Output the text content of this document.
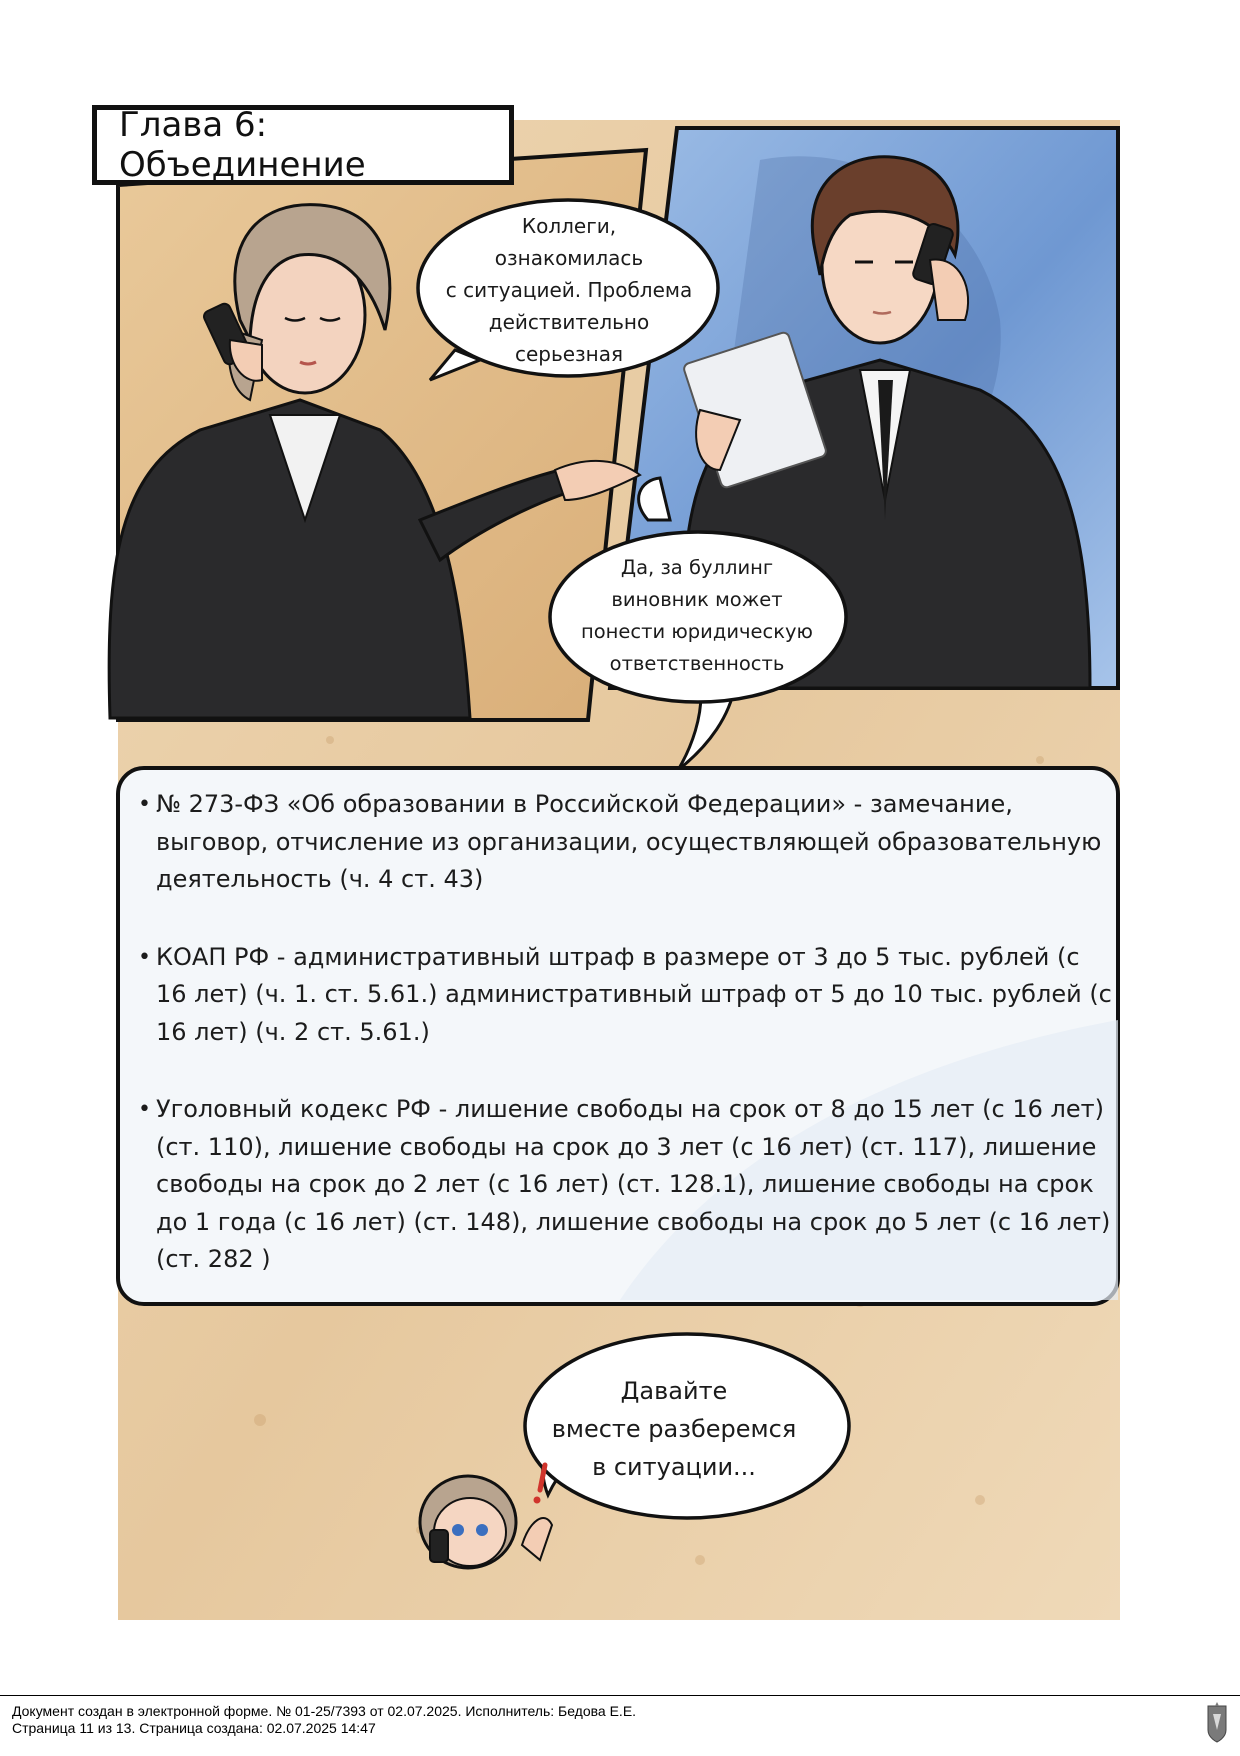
Глава 6: Объединение
Коллеги,
ознакомилась
с ситуацией. Проблема
действительно
серьезная
Да, за буллинг
виновник может
понести юридическую
ответственность
• № 273-ФЗ «Об образовании в Российской Федерации» - замечание, выговор, отчисление из организации, осуществляющей образовательную деятельность (ч. 4 ст. 43)
• КОАП РФ - административный штраф в размере от 3 до 5 тыс. рублей (с 16 лет) (ч. 1. ст. 5.61.) административный штраф от 5 до 10 тыс. рублей (с 16 лет) (ч. 2 ст. 5.61.)
• Уголовный кодекс РФ - лишение свободы на срок от 8 до 15 лет (с 16 лет) (ст. 110), лишение свободы на срок до 3 лет (с 16 лет) (ст. 117), лишение свободы на срок до 2 лет (с 16 лет) (ст. 128.1), лишение свободы на срок до 1 года (с 16 лет) (ст. 148), лишение свободы на срок до 5 лет (с 16 лет) (ст. 282 )
Давайте
вместе разберемся
в ситуации...
Документ создан в электронной форме. № 01-25/7393 от 02.07.2025. Исполнитель: Бедова Е.Е.
Страница 11 из 13. Страница создана: 02.07.2025 14:47
